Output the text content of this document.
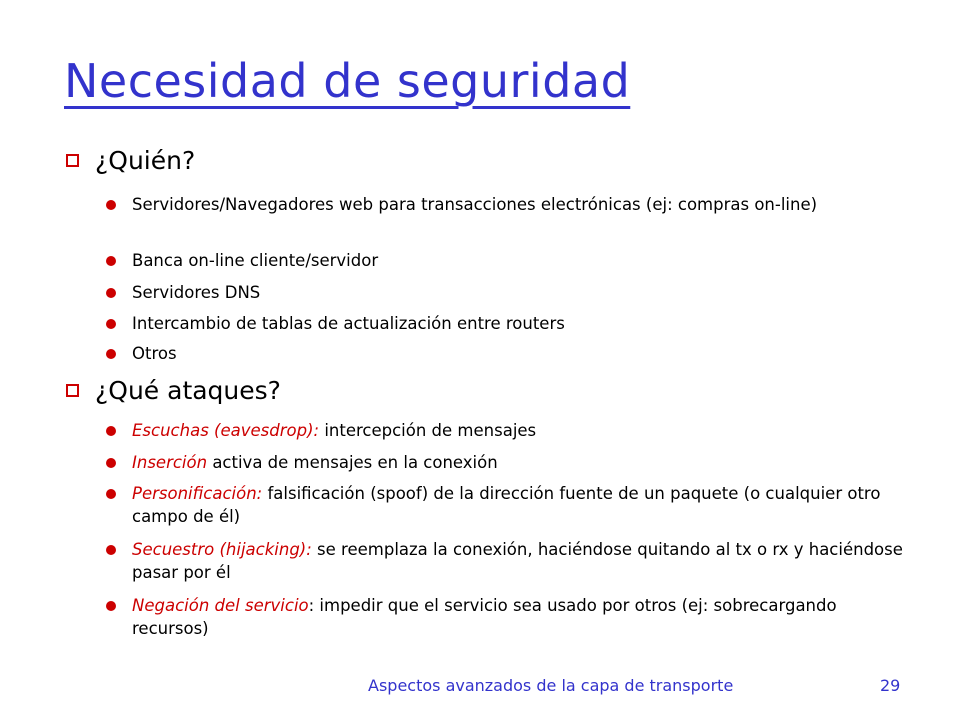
Necesidad de seguridad
¿Quién?
Servidores/Navegadores web para transacciones electrónicas (ej: compras on-line)
Banca on-line cliente/servidor
Servidores DNS
Intercambio de tablas de actualización entre routers
Otros
¿Qué ataques?
Escuchas (eavesdrop): intercepción de mensajes
Inserción activa de mensajes en la conexión
Personificación: falsificación (spoof) de la dirección fuente de un paquete (o cualquier otro campo de él)
Secuestro (hijacking): se reemplaza la conexión, haciéndose quitando al tx o rx y haciéndose pasar por él
Negación del servicio: impedir que el servicio sea usado por otros (ej: sobrecargando recursos)
Aspectos avanzados de la capa de transporte	29
